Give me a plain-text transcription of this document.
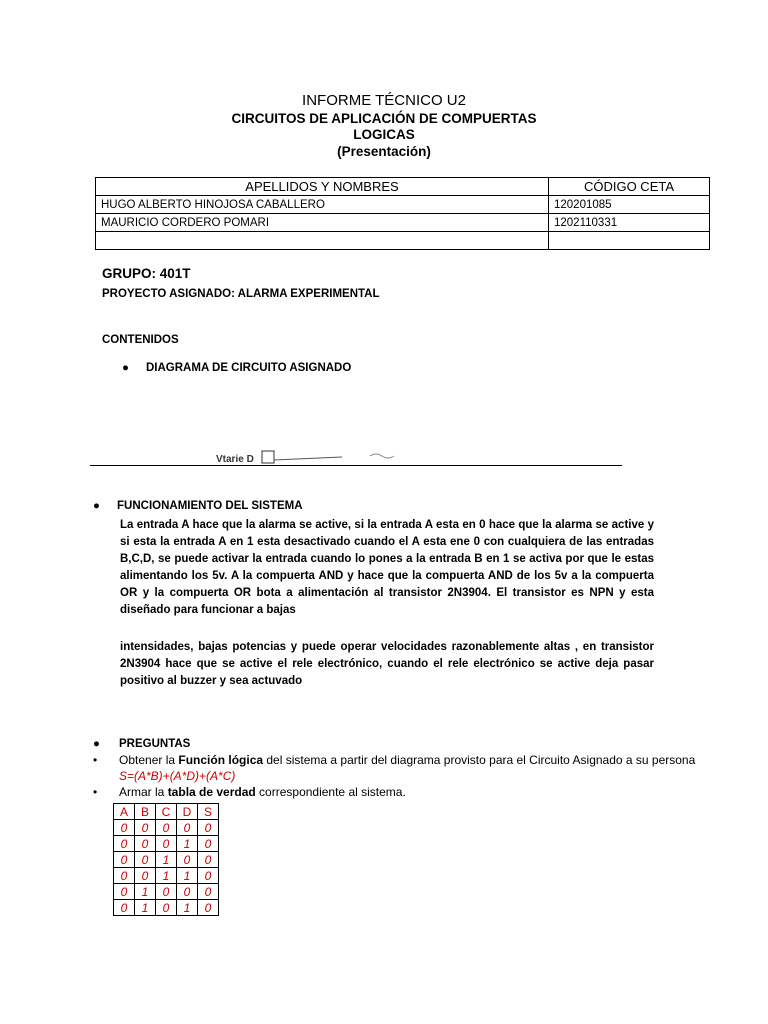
INFORME TÉCNICO U2
CIRCUITOS DE APLICACIÓN DE COMPUERTAS
LOGICAS
(Presentación)
APELLIDOS Y NOMBRES	CÓDIGO CETA
HUGO ALBERTO HINOJOSA CABALLERO	120201085
MAURICIO CORDERO POMARI	1202110331

GRUPO: 401T
PROYECTO ASIGNADO: ALARMA EXPERIMENTAL
CONTENIDOS
● DIAGRAMA DE CIRCUITO ASIGNADO
Vtarie D
● FUNCIONAMIENTO DEL SISTEMA
La entrada A hace que la alarma se active, si la entrada A esta en 0 hace que la alarma se active y si esta la entrada A en 1 esta desactivado cuando el A esta ene 0 con cualquiera de las entradas B,C,D, se puede activar la entrada cuando lo pones a la entrada B en 1 se activa por que le estas alimentando los 5v. A la compuerta AND y hace que la compuerta AND de los 5v a la compuerta OR y la compuerta OR bota a alimentación al transistor 2N3904. El transistor es NPN y esta diseñado para funcionar a bajas
intensidades, bajas potencias y puede operar velocidades razonablemente altas , en transistor 2N3904 hace que se active el rele electrónico, cuando el rele electrónico se active deja pasar positivo al buzzer y sea actuvado
●	PREGUNTAS
•	Obtener la Función lógica del sistema a partir del diagrama provisto para el Circuito Asignado a su persona
S=(A*B)+(A*D)+(A*C)
•	Armar la tabla de verdad correspondiente al sistema.
A	B	C	D	S
0	0	0	0	0
0	0	0	1	0
0	0	1	0	0
0	0	1	1	0
0	1	0	0	0
0	1	0	1	0
